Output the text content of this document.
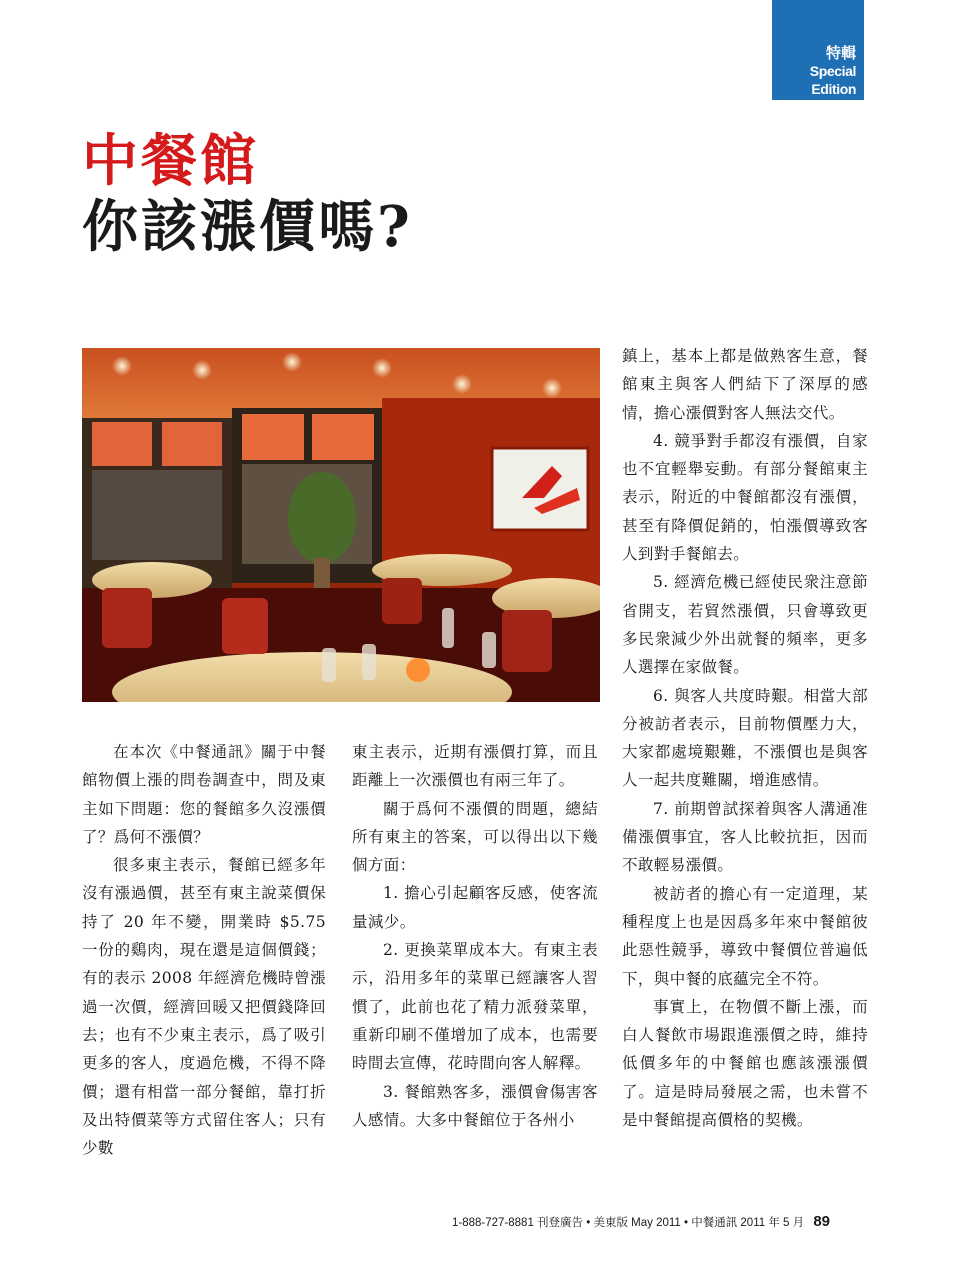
特輯
Special Edition
中餐館
你該漲價嗎?

在本次《中餐通訊》關于中餐館物價上漲的問卷調查中，問及東主如下問題：您的餐館多久沒漲價了？爲何不漲價？

很多東主表示，餐館已經多年沒有漲過價，甚至有東主說菜價保持了 20 年不變，開業時 $5.75 一份的鷄肉，現在還是這個價錢；有的表示 2008 年經濟危機時曾漲過一次價，經濟回暖又把價錢降回去；也有不少東主表示，爲了吸引更多的客人，度過危機，不得不降價；還有相當一部分餐館，靠打折及出特價菜等方式留住客人；只有少數

東主表示，近期有漲價打算，而且距離上一次漲價也有兩三年了。

關于爲何不漲價的問題，總結所有東主的答案，可以得出以下幾個方面：

1. 擔心引起顧客反感，使客流量減少。

2. 更換菜單成本大。有東主表示，沿用多年的菜單已經讓客人習慣了，此前也花了精力派發菜單，重新印刷不僅增加了成本，也需要時間去宣傳，花時間向客人解釋。

3. 餐館熟客多，漲價會傷害客人感情。大多中餐館位于各州小

鎮上，基本上都是做熟客生意，餐館東主與客人們結下了深厚的感情，擔心漲價對客人無法交代。

4. 競爭對手都沒有漲價，自家也不宜輕舉妄動。有部分餐館東主表示，附近的中餐館都沒有漲價，甚至有降價促銷的，怕漲價導致客人到對手餐館去。

5. 經濟危機已經使民衆注意節省開支，若貿然漲價，只會導致更多民衆減少外出就餐的頻率，更多人選擇在家做餐。

6. 與客人共度時艱。相當大部分被訪者表示，目前物價壓力大，大家都處境艱難，不漲價也是與客人一起共度難關，增進感情。

7. 前期曾試探着與客人溝通准備漲價事宜，客人比較抗拒，因而不敢輕易漲價。

被訪者的擔心有一定道理，某種程度上也是因爲多年來中餐館彼此惡性競爭，導致中餐價位普遍低下，與中餐的底蘊完全不符。

事實上，在物價不斷上漲，而白人餐飲市場跟進漲價之時，維持低價多年的中餐館也應該漲漲價了。這是時局發展之需，也未嘗不是中餐館提高價格的契機。

1-888-727-8881 刊登廣告 • 美東版 May 2011 • 中餐通訊 2011 年 5 月 89
